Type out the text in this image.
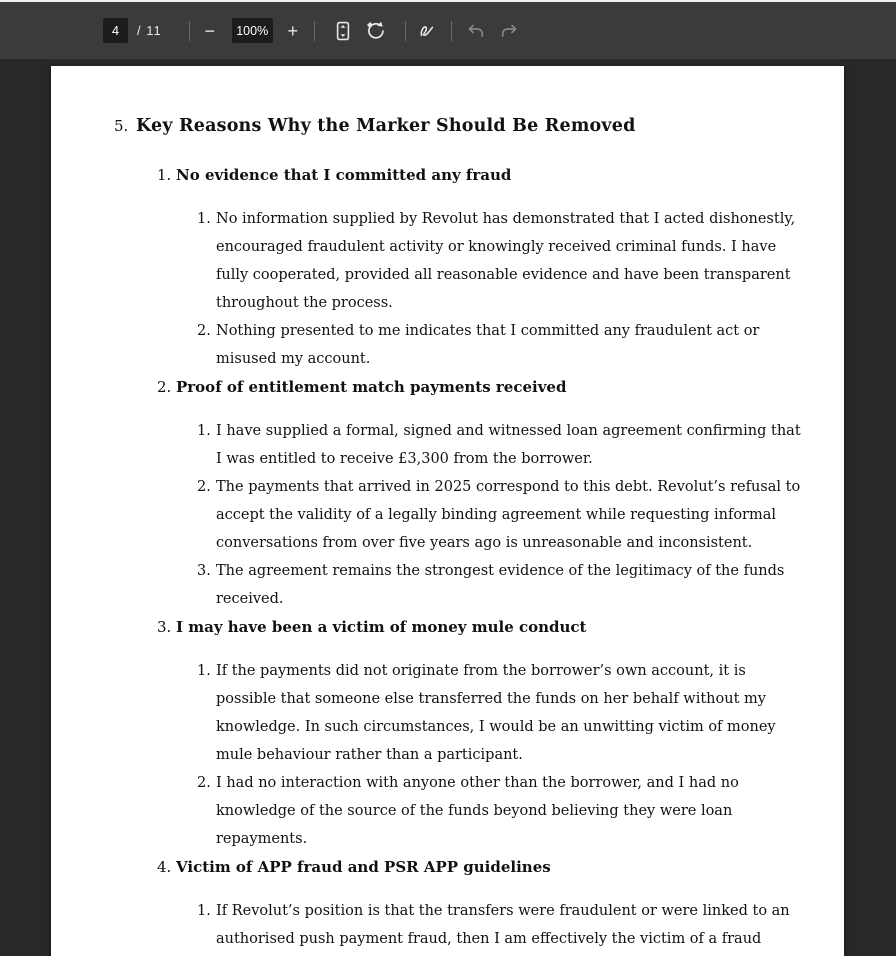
4
/ 11	−	100%	+
5. Key Reasons Why the Marker Should Be Removed
1. No evidence that I committed any fraud
1. No information supplied by Revolut has demonstrated that I acted dishonestly, encouraged fraudulent activity or knowingly received criminal funds. I have fully cooperated, provided all reasonable evidence and have been transparent throughout the process.
2. Nothing presented to me indicates that I committed any fraudulent act or misused my account.
2. Proof of entitlement match payments received
1. I have supplied a formal, signed and witnessed loan agreement confirming that I was entitled to receive £3,300 from the borrower.
2. The payments that arrived in 2025 correspond to this debt. Revolut’s refusal to accept the validity of a legally binding agreement while requesting informal conversations from over five years ago is unreasonable and inconsistent.
3. The agreement remains the strongest evidence of the legitimacy of the funds received.
3. I may have been a victim of money mule conduct
1. If the payments did not originate from the borrower’s own account, it is possible that someone else transferred the funds on her behalf without my knowledge. In such circumstances, I would be an unwitting victim of money mule behaviour rather than a participant.
2. I had no interaction with anyone other than the borrower, and I had no knowledge of the source of the funds beyond believing they were loan repayments.
4. Victim of APP fraud and PSR APP guidelines
1. If Revolut’s position is that the transfers were fraudulent or were linked to an authorised push payment fraud, then I am effectively the victim of a fraud
